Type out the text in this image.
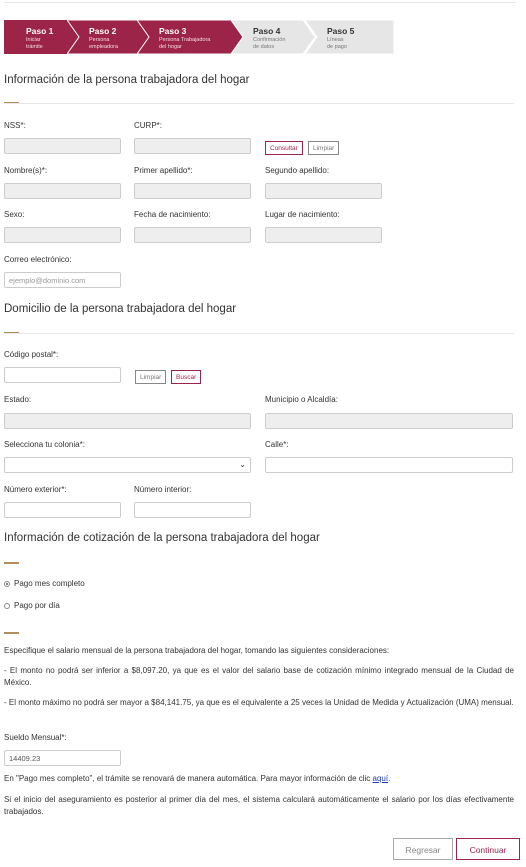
Paso 1
Iniciar
trámite
Paso 2
Persona
empleadora
Paso 3
Persona Trabajadora
del hogar
Paso 4
Confirmación
de datos
Paso 5
Líneas
de pago
Información de la persona trabajadora del hogar
NSS*:	CURP*:
Consultar	Limpiar
Nombre(s)*:	Primer apellido*:	Segundo apellido:
Sexo:	Fecha de nacimiento:	Lugar de nacimiento:
Correo electrónico:
ejemplo@dominio.com
Domicilio de la persona trabajadora del hogar
Código postal*:
Limpiar	Buscar
Estado:	Municipio o Alcaldía:
Selecciona tu colonia*:
⌄
Calle*:
Número exterior*:	Número interior:
Información de cotización de la persona trabajadora del hogar
Pago mes completo
Pago por día
Especifique el salario mensual de la persona trabajadora del hogar, tomando las siguientes consideraciones:
- El monto no podrá ser inferior a $8,097.20, ya que es el valor del salario base de cotización mínimo integrado mensual de la Ciudad de México.
- El monto máximo no podrá ser mayor a $84,141.75, ya que es el equivalente a 25 veces la Unidad de Medida y Actualización (UMA) mensual.
Sueldo Mensual*:
14409.23
En "Pago mes completo", el trámite se renovará de manera automática. Para mayor información de clic aquí.
Si el inicio del aseguramiento es posterior al primer día del mes, el sistema calculará automáticamente el salario por los días efectivamente trabajados.
Regresar	Continuar
